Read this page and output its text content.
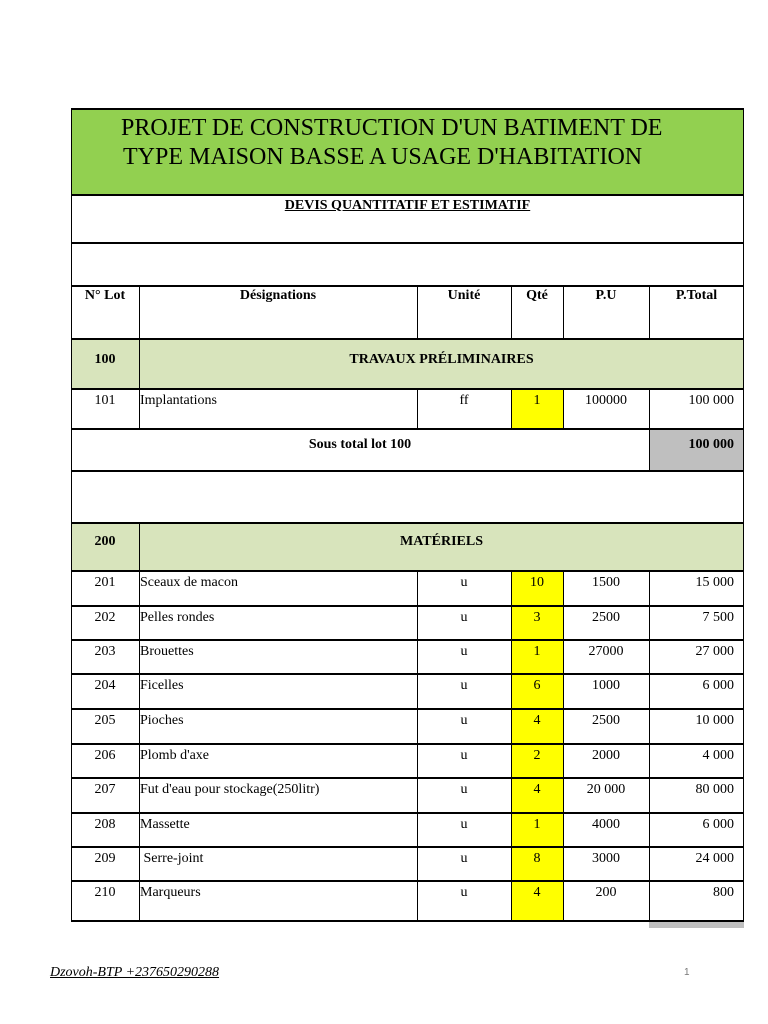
PROJET DE CONSTRUCTION D'UN BATIMENT DE
TYPE MAISON BASSE A USAGE D'HABITATION
DEVIS QUANTITATIF ET ESTIMATIF
N° Lot	Désignations	Unité	Qté	P.U	P.Total
100	TRAVAUX PRÉLIMINAIRES
101	Implantations	ff	1	100000	100 000
Sous total lot 100	100 000
200	MATÉRIELS
201	Sceaux de macon	u	10	1500	15 000
202	Pelles rondes	u	3	2500	7 500
203	Brouettes	u	1	27000	27 000
204	Ficelles	u	6	1000	6 000
205	Pioches	u	4	2500	10 000
206	Plomb d'axe	u	2	2000	4 000
207	Fut d'eau pour stockage(250litr)	u	4	20 000	80 000
208	Massette	u	1	4000	6 000
209	Serre-joint	u	8	3000	24 000
210	Marqueurs	u	4	200	800
Dzovoh-BTP +237650290288	1
